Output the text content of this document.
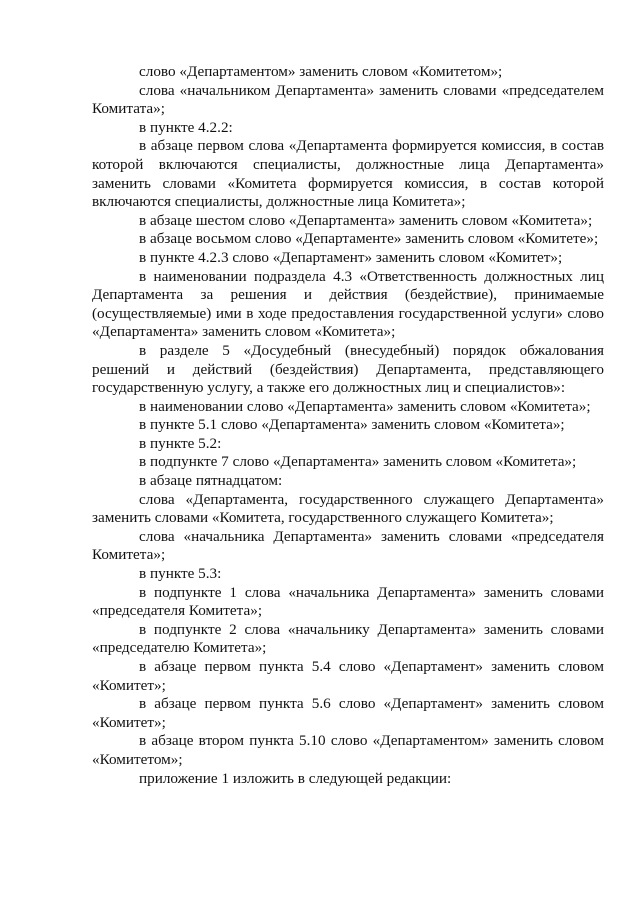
слово «Департаментом» заменить словом «Комитетом»;

слова «начальником Департамента» заменить словами «председателем Комитата»;

в пункте 4.2.2:

в абзаце первом слова «Департамента формируется комиссия, в состав которой включаются специалисты, должностные лица Департамента» заменить словами «Комитета формируется комиссия, в состав которой включаются специалисты, должностные лица Комитета»;

в абзаце шестом слово «Департамента» заменить словом «Комитета»;

в абзаце восьмом слово «Департаменте» заменить словом «Комитете»;

в пункте 4.2.3 слово «Департамент» заменить словом «Комитет»;

в наименовании подраздела 4.3 «Ответственность должностных лиц Департамента за решения и действия (бездействие), принимаемые (осуществляемые) ими в ходе предоставления государственной услуги» слово «Департамента» заменить словом «Комитета»;

в разделе 5 «Досудебный (внесудебный) порядок обжалования решений и действий (бездействия) Департамента, представляющего государственную услугу, а также его должностных лиц и специалистов»:

в наименовании слово «Департамента» заменить словом «Комитета»;

в пункте 5.1 слово «Департамента» заменить словом «Комитета»;

в пункте 5.2:

в подпункте 7 слово «Департамента» заменить словом «Комитета»;

в абзаце пятнадцатом:

слова «Департамента, государственного служащего Департамента» заменить словами «Комитета, государственного служащего Комитета»;

слова «начальника Департамента» заменить словами «председателя Комитета»;

в пункте 5.3:

в подпункте 1 слова «начальника Департамента» заменить словами «председателя Комитета»;

в подпункте 2 слова «начальнику Департамента» заменить словами «председателю Комитета»;

в абзаце первом пункта 5.4 слово «Департамент» заменить словом «Комитет»;

в абзаце первом пункта 5.6 слово «Департамент» заменить словом «Комитет»;

в абзаце втором пункта 5.10 слово «Департаментом» заменить словом «Комитетом»;

приложение 1 изложить в следующей редакции:
